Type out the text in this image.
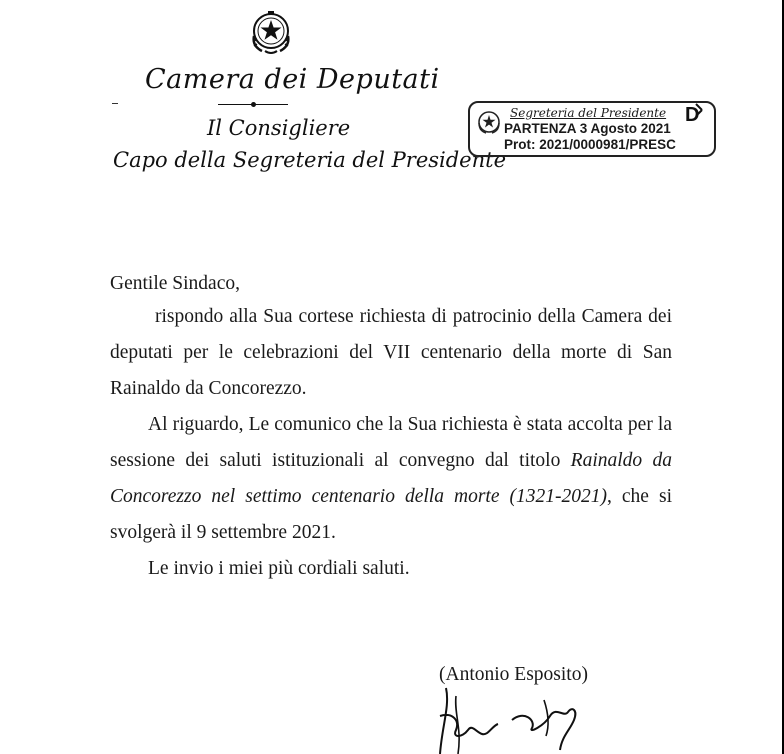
Camera dei Deputati
Il Consigliere
Capo della Segreteria del Presidente
Segreteria del Presidente
PARTENZA 3 Agosto 2021
Prot: 2021/0000981/PRESC
D
Gentile Sindaco,
rispondo alla Sua cortese richiesta di patrocinio della Camera dei deputati per le celebrazioni del VII centenario della morte di San Rainaldo da Concorezzo.
Al riguardo, Le comunico che la Sua richiesta è stata accolta per la sessione dei saluti istituzionali al convegno dal titolo Rainaldo da Concorezzo nel settimo centenario della morte (1321-2021), che si svolgerà il 9 settembre 2021.
Le invio i miei più cordiali saluti.
(Antonio Esposito)
